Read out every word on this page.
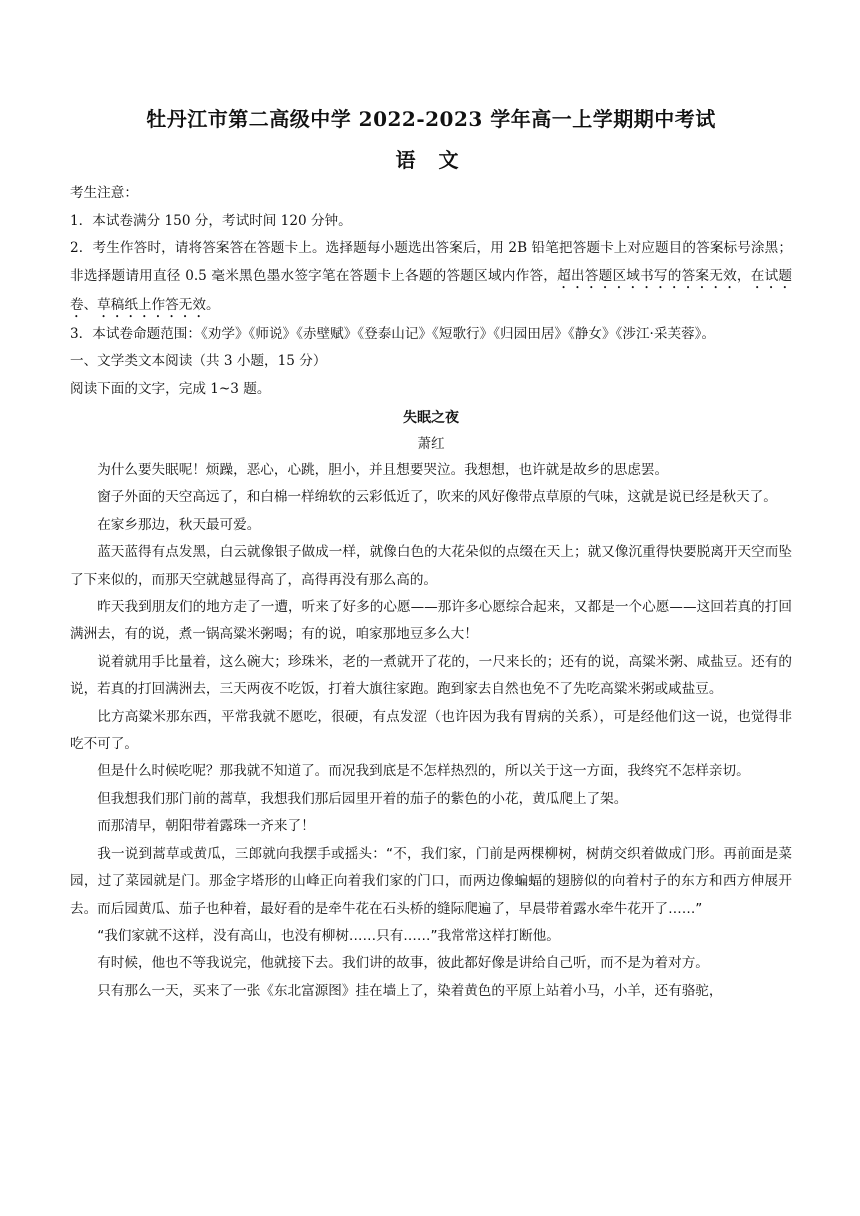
牡丹江市第二高级中学 2022-2023 学年高一上学期期中考试
语 文

考生注意：

1．本试卷满分 150 分，考试时间 120 分钟。

2．考生作答时，请将答案答在答题卡上。选择题每小题选出答案后，用 2B 铅笔把答题卡上对应题目的答案标号涂黑；非选择题请用直径 0.5 毫米黑色墨水签字笔在答题卡上各题的答题区域内作答，超出答题区域书写的答案无效，在试题卷、草稿纸上作答无效。

3．本试卷命题范围：《劝学》《师说》《赤壁赋》《登泰山记》《短歌行》《归园田居》《静女》《涉江·采芙蓉》。

一、文学类文本阅读（共 3 小题，15 分）

阅读下面的文字，完成 1~3 题。

失眠之夜
萧红

为什么要失眠呢！烦躁，恶心，心跳，胆小，并且想要哭泣。我想想，也许就是故乡的思虑罢。

窗子外面的天空高远了，和白棉一样绵软的云彩低近了，吹来的风好像带点草原的气味，这就是说已经是秋天了。

在家乡那边，秋天最可爱。

蓝天蓝得有点发黑，白云就像银子做成一样，就像白色的大花朵似的点缀在天上；就又像沉重得快要脱离开天空而坠了下来似的，而那天空就越显得高了，高得再没有那么高的。

昨天我到朋友们的地方走了一遭，听来了好多的心愿——那许多心愿综合起来，又都是一个心愿——这回若真的打回满洲去，有的说，煮一锅高粱米粥喝；有的说，咱家那地豆多么大！

说着就用手比量着，这么碗大；珍珠米，老的一煮就开了花的，一尺来长的；还有的说，高粱米粥、咸盐豆。还有的说，若真的打回满洲去，三天两夜不吃饭，打着大旗往家跑。跑到家去自然也免不了先吃高粱米粥或咸盐豆。

比方高粱米那东西，平常我就不愿吃，很硬，有点发涩（也许因为我有胃病的关系），可是经他们这一说，也觉得非吃不可了。

但是什么时候吃呢？那我就不知道了。而况我到底是不怎样热烈的，所以关于这一方面，我终究不怎样亲切。

但我想我们那门前的蒿草，我想我们那后园里开着的茄子的紫色的小花，黄瓜爬上了架。

而那清早，朝阳带着露珠一齐来了！

我一说到蒿草或黄瓜，三郎就向我摆手或摇头：“不，我们家，门前是两棵柳树，树荫交织着做成门形。再前面是菜园，过了菜园就是门。那金字塔形的山峰正向着我们家的门口，而两边像蝙蝠的翅膀似的向着村子的东方和西方伸展开去。而后园黄瓜、茄子也种着，最好看的是牵牛花在石头桥的缝际爬遍了，早晨带着露水牵牛花开了……”

“我们家就不这样，没有高山，也没有柳树……只有……”我常常这样打断他。

有时候，他也不等我说完，他就接下去。我们讲的故事，彼此都好像是讲给自己听，而不是为着对方。

只有那么一天，买来了一张《东北富源图》挂在墙上了，染着黄色的平原上站着小马，小羊，还有骆驼，
